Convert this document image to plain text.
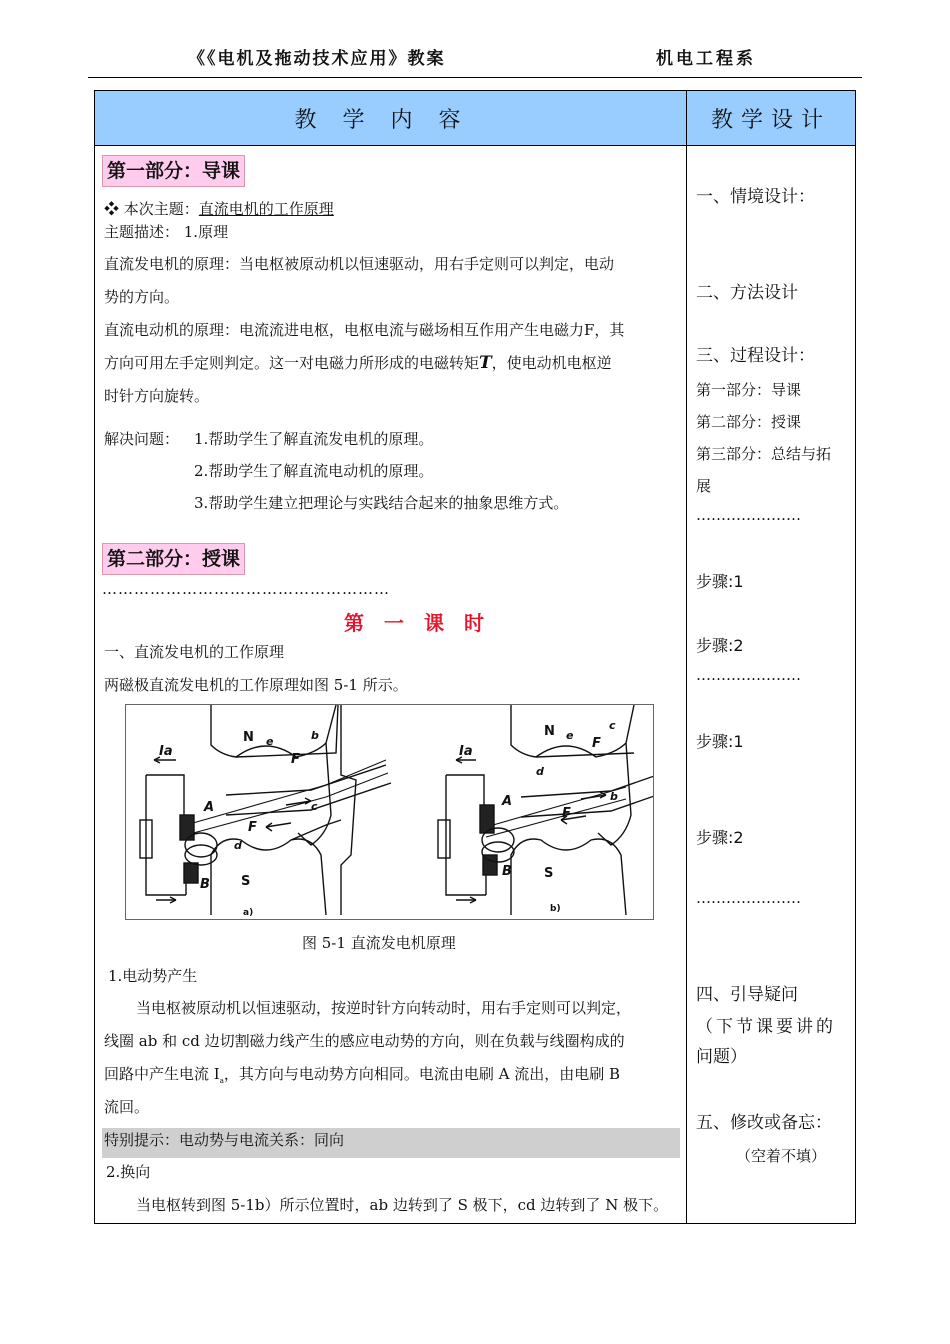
《《电机及拖动技术应用》教案	机电工程系
教学内容	教学设计
第一部分：导课
❖ 本次主题：直流电机的工作原理
主题描述： 1.原理
直流发电机的原理：当电枢被原动机以恒速驱动，用右手定则可以判定，电动
势的方向。
直流电动机的原理：电流流进电枢，电枢电流与磁场相互作用产生电磁力F，其
方向可用左手定则判定。这一对电磁力所形成的电磁转矩T，使电动机电枢逆
时针方向旋转。
解决问题： 1.帮助学生了解直流发电机的原理。
2.帮助学生了解直流电动机的原理。
3.帮助学生建立把理论与实践结合起来的抽象思维方式。
第二部分：授课
………………………………………………
第一课时
一、直流发电机的工作原理
两磁极直流发电机的工作原理如图 5-1 所示。
N
S
A
B
Ia
F
F
e	b
c
d
a)
N
S
A
B
Ia
F
F
e
c
b
d
b)
图 5-1 直流发电机原理
1.电动势产生
当电枢被原动机以恒速驱动，按逆时针方向转动时，用右手定则可以判定，
线圈 ab 和 cd 边切割磁力线产生的感应电动势的方向，则在负载与线圈构成的
回路中产生电流 $I_a$，其方向与电动势方向相同。电流由电刷 A 流出，由电刷 B
流回。
特别提示：电动势与电流关系：同向
2.换向
当电枢转到图 5-1b）所示位置时，ab 边转到了 S 极下，cd 边转到了 N 极下。
一、情境设计：
二、方法设计
三、过程设计：
第一部分：导课
第二部分：授课
第三部分：总结与拓
展
…………………
步骤:1
步骤:2
…………………
步骤:1
步骤:2
…………………
四、引导疑问
（下节课要讲的
问题）
五、修改或备忘：
（空着不填）
